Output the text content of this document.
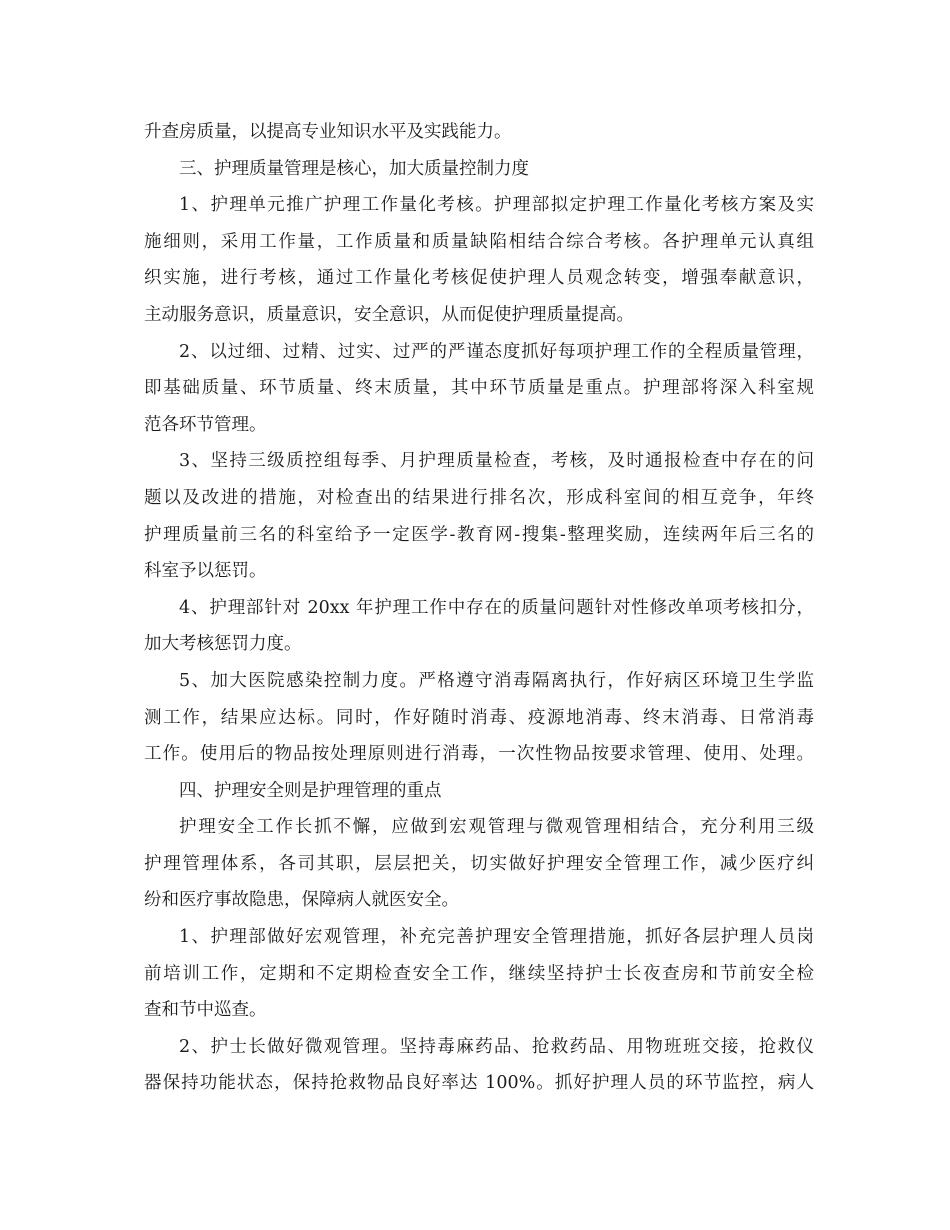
升查房质量，以提高专业知识水平及实践能力。
三、护理质量管理是核心，加大质量控制力度
1、护理单元推广护理工作量化考核。护理部拟定护理工作量化考核方案及实
施细则，采用工作量，工作质量和质量缺陷相结合综合考核。各护理单元认真组
织实施，进行考核，通过工作量化考核促使护理人员观念转变，增强奉献意识，
主动服务意识，质量意识，安全意识，从而促使护理质量提高。
2、以过细、过精、过实、过严的严谨态度抓好每项护理工作的全程质量管理，
即基础质量、环节质量、终末质量，其中环节质量是重点。护理部将深入科室规
范各环节管理。
3、坚持三级质控组每季、月护理质量检查，考核，及时通报检查中存在的问
题以及改进的措施，对检查出的结果进行排名次，形成科室间的相互竞争，年终
护理质量前三名的科室给予一定医学-教育网-搜集-整理奖励，连续两年后三名的
科室予以惩罚。
4、护理部针对 20xx 年护理工作中存在的质量问题针对性修改单项考核扣分，
加大考核惩罚力度。
5、加大医院感染控制力度。严格遵守消毒隔离执行，作好病区环境卫生学监
测工作，结果应达标。同时，作好随时消毒、疫源地消毒、终末消毒、日常消毒
工作。使用后的物品按处理原则进行消毒，一次性物品按要求管理、使用、处理。
四、护理安全则是护理管理的重点
护理安全工作长抓不懈，应做到宏观管理与微观管理相结合，充分利用三级
护理管理体系，各司其职，层层把关，切实做好护理安全管理工作，减少医疗纠
纷和医疗事故隐患，保障病人就医安全。
1、护理部做好宏观管理，补充完善护理安全管理措施，抓好各层护理人员岗
前培训工作，定期和不定期检查安全工作，继续坚持护士长夜查房和节前安全检
查和节中巡查。
2、护士长做好微观管理。坚持毒麻药品、抢救药品、用物班班交接，抢救仪
器保持功能状态，保持抢救物品良好率达 100%。抓好护理人员的环节监控，病人
